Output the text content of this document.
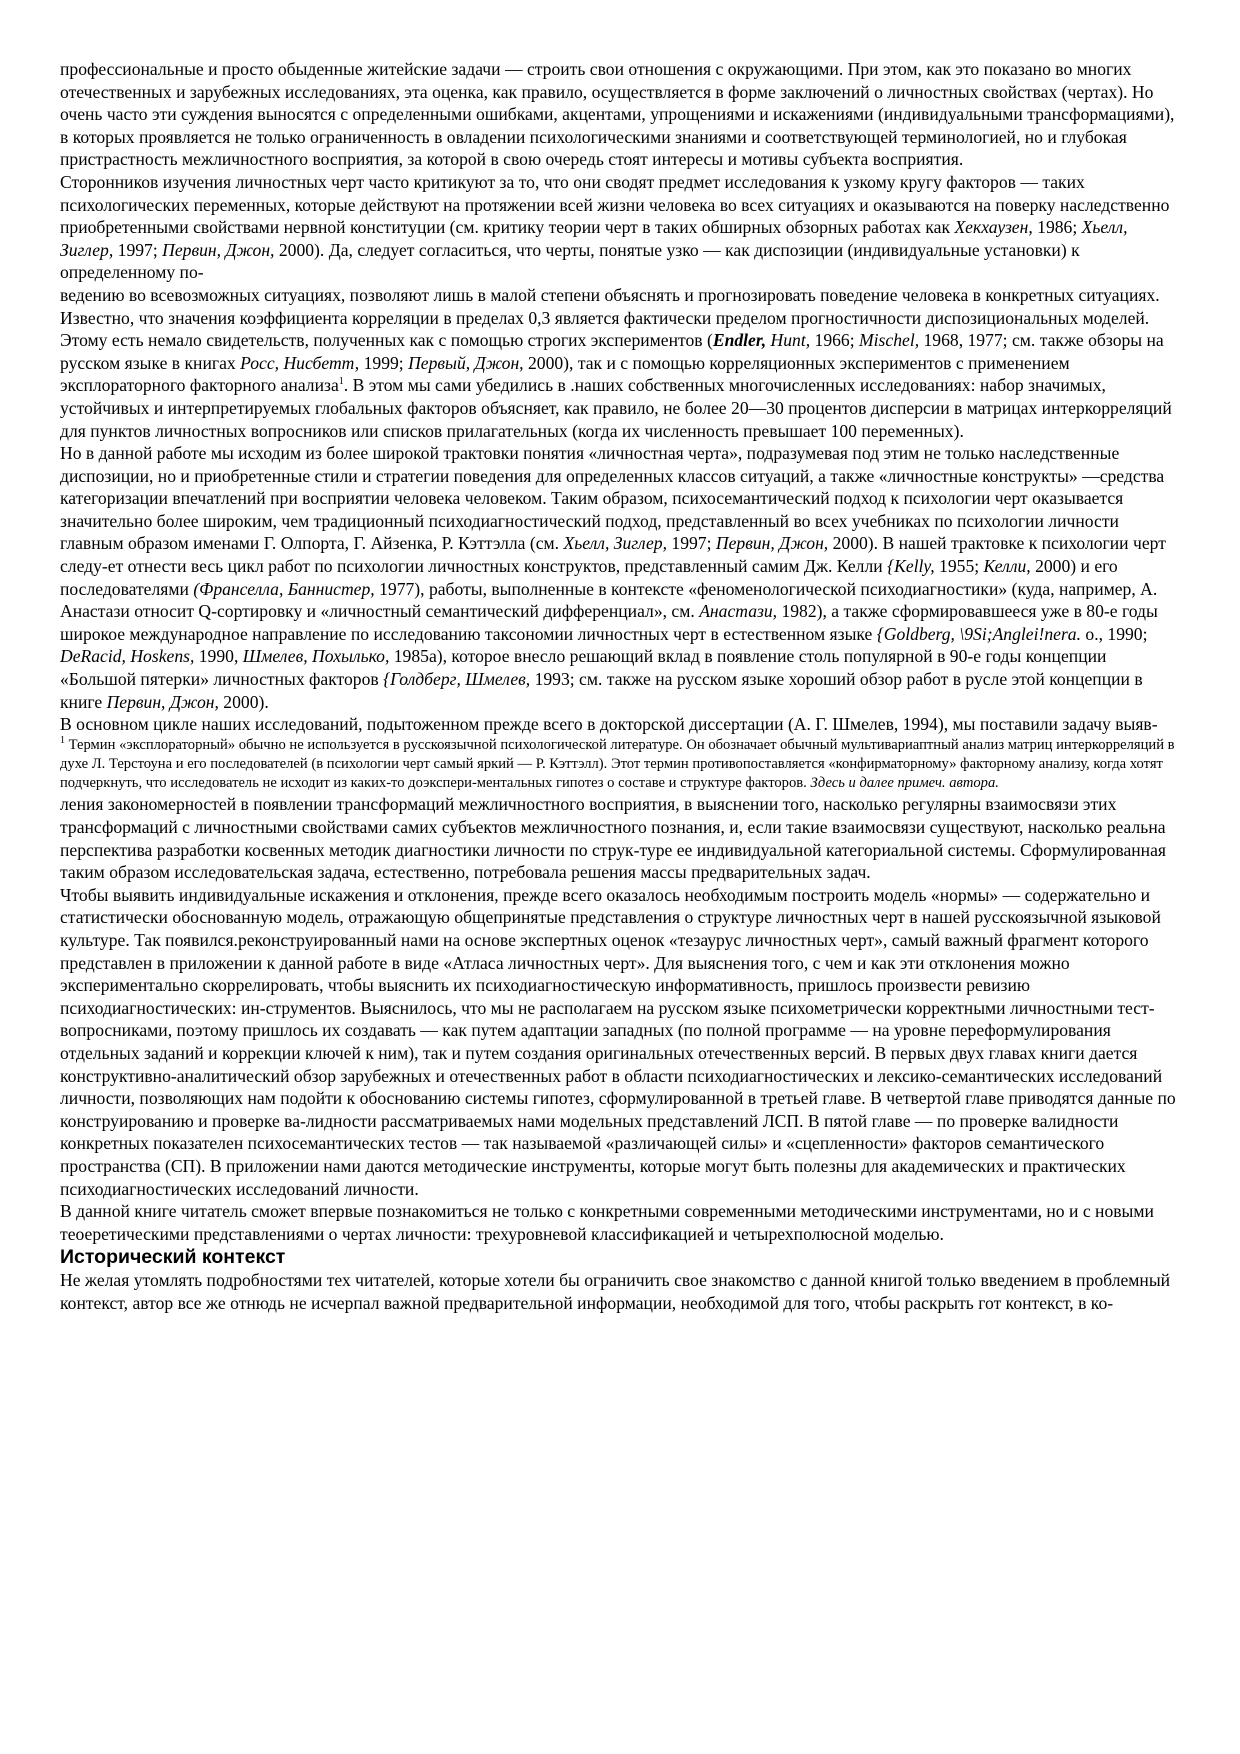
профессиональные и просто обыденные житейские задачи — строить свои отношения с окружающими. При этом, как это показано во многих отечественных и зарубежных исследованиях, эта оценка, как правило, осуществляется в форме заключений о личностных свойствах (чертах). Но очень часто эти суждения выносятся с определенными ошибками, акцентами, упрощениями и искажениями (индивидуальными трансформациями), в которых проявляется не только ограниченность в овладении психологическими знаниями и соответствующей терминологией, но и глубокая пристрастность межличностного восприятия, за которой в свою очередь стоят интересы и мотивы субъекта восприятия.

Сторонников изучения личностных черт часто критикуют за то, что они сводят предмет исследования к узкому кругу факторов — таких психологических переменных, которые действуют на протяжении всей жизни человека во всех ситуациях и оказываются на поверку наследственно приобретенными свойствами нервной конституции (см. критику теории черт в таких обширных обзорных работах как Хекхаузен, 1986; Хьелл, Зиглер, 1997; Первин, Джон, 2000). Да, следует согласиться, что черты, понятые узко — как диспозиции (индивидуальные установки) к определенному по-

ведению во всевозможных ситуациях, позволяют лишь в малой степени объяснять и прогнозировать поведение человека в конкретных ситуациях. Известно, что значения коэффициента корреляции в пределах 0,3 является фактически пределом прогностичности диспозициональных моделей. Этому есть немало свидетельств, полученных как с помощью строгих экспериментов (Endler, Hunt, 1966; Mischel, 1968, 1977; см. также обзоры на русском языке в книгах Росс, Нисбетт, 1999; Первый, Джон, 2000), так и с помощью корреляционных экспериментов с применением эксплораторного факторного анализа$^1$. В этом мы сами убедились в .наших собственных многочисленных исследованиях: набор значимых, устойчивых и интерпретируемых глобальных факторов объясняет, как правило, не более 20—30 процентов дисперсии в матрицах интеркорреляций для пунктов личностных вопросников или списков прилагательных (когда их численность превышает 100 переменных).

Но в данной работе мы исходим из более широкой трактовки понятия «личностная черта», подразумевая под этим не только наследственные диспозиции, но и приобретенные стили и стратегии поведения для определенных классов ситуаций, а также «личностные конструкты» —средства категоризации впечатлений при восприятии человека человеком. Таким образом, психосемантический подход к психологии черт оказывается значительно более широким, чем традиционный психодиагностический подход, представленный во всех учебниках по психологии личности главным образом именами Г. Олпорта, Г. Айзенка, Р. Кэттэлла (см. Хьелл, Зиглер, 1997; Первин, Джон, 2000). В нашей трактовке к психологии черт следу-ет отнести весь цикл работ по психологии личностных конструктов, представленный самим Дж. Келли {Kelly, 1955; Келли, 2000) и его последователями (Франселла, Баннистер, 1977), работы, выполненные в контексте «феноменологической психодиагностики» (куда, например, А. Анастази относит Q-сортировку и «личностный семантический дифференциал», см. Анастази, 1982), а также сформировавшееся уже в 80-е годы широкое международное направление по исследованию таксономии личностных черт в естественном языке {Goldberg, \9Si;Anglei!nera. о., 1990; DeRacid, Hoskens, 1990, Шмелев, Похылько, 1985а), которое внесло решающий вклад в появление столь популярной в 90-е годы концепции «Большой пятерки» личностных факторов {Голдберг, Шмелев, 1993; см. также на русском языке хороший обзор работ в русле этой концепции в книге Первин, Джон, 2000).

В основном цикле наших исследований, подытоженном прежде всего в докторской диссертации (А. Г. Шмелев, 1994), мы поставили задачу выяв-

$^1$ Термин «эксплораторный» обычно не используется в русскоязычной психологической литературе. Он обозначает обычный мультивариаптный анализ матриц интеркорреляций в духе Л. Терстоуна и его последователей (в психологии черт самый яркий — Р. Кэттэлл). Этот термин противопоставляется «конфирматорному» факторному анализу, когда хотят подчеркнуть, что исследователь не исходит из каких-то доэкспери-ментальных гипотез о составе и структуре факторов. Здесь и далее примеч. автора.

ления закономерностей в появлении трансформаций межличностного восприятия, в выяснении того, насколько регулярны взаимосвязи этих трансформаций с личностными свойствами самих субъектов межличностного познания, и, если такие взаимосвязи существуют, насколько реальна перспектива разработки косвенных методик диагностики личности по струк-туре ее индивидуальной категориальной системы. Сформулированная таким образом исследовательская задача, естественно, потребовала решения массы предварительных задач.

Чтобы выявить индивидуальные искажения и отклонения, прежде всего оказалось необходимым построить модель «нормы» — содержательно и статистически обоснованную модель, отражающую общепринятые представления о структуре личностных черт в нашей русскоязычной языковой культуре. Так появился.реконструированный нами на основе экспертных оценок «тезаурус личностных черт», самый важный фрагмент которого представлен в приложении к данной работе в виде «Атласа личностных черт». Для выяснения того, с чем и как эти отклонения можно экспериментально скоррелировать, чтобы выяснить их психодиагностическую информативность, пришлось произвести ревизию психодиагностических: ин-струментов. Выяснилось, что мы не располагаем на русском языке психометрически корректными личностными тест-вопросниками, поэтому пришлось их создавать — как путем адаптации западных (по полной программе — на уровне переформулирования отдельных заданий и коррекции ключей к ним), так и путем создания оригинальных отечественных версий. В первых двух главах книги дается конструктивно-аналитический обзор зарубежных и отечественных работ в области психодиагностических и лексико-семантических исследований личности, позволяющих нам подойти к обоснованию системы гипотез, сформулированной в третьей главе. В четвертой главе приводятся данные по конструированию и проверке ва-лидности рассматриваемых нами модельных представлений ЛСП. В пятой главе — по проверке валидности конкретных показателен психосемантических тестов — так называемой «различающей силы» и «сцепленности» факторов семантического пространства (СП). В приложении нами даются методические инструменты, которые могут быть полезны для академических и практических психодиагностических исследований личности.

В данной книге читатель сможет впервые познакомиться не только с конкретными современными методическими инструментами, но и с новыми теоеретическими представлениями о чертах личности: трехуровневой классификацией и четырехполюсной моделью.

Исторический контекст

Не желая утомлять подробностями тех читателей, которые хотели бы ограничить свое знакомство с данной книгой только введением в проблемный контекст, автор все же отнюдь не исчерпал важной предварительной информации, необходимой для того, чтобы раскрыть гот контекст, в ко-
